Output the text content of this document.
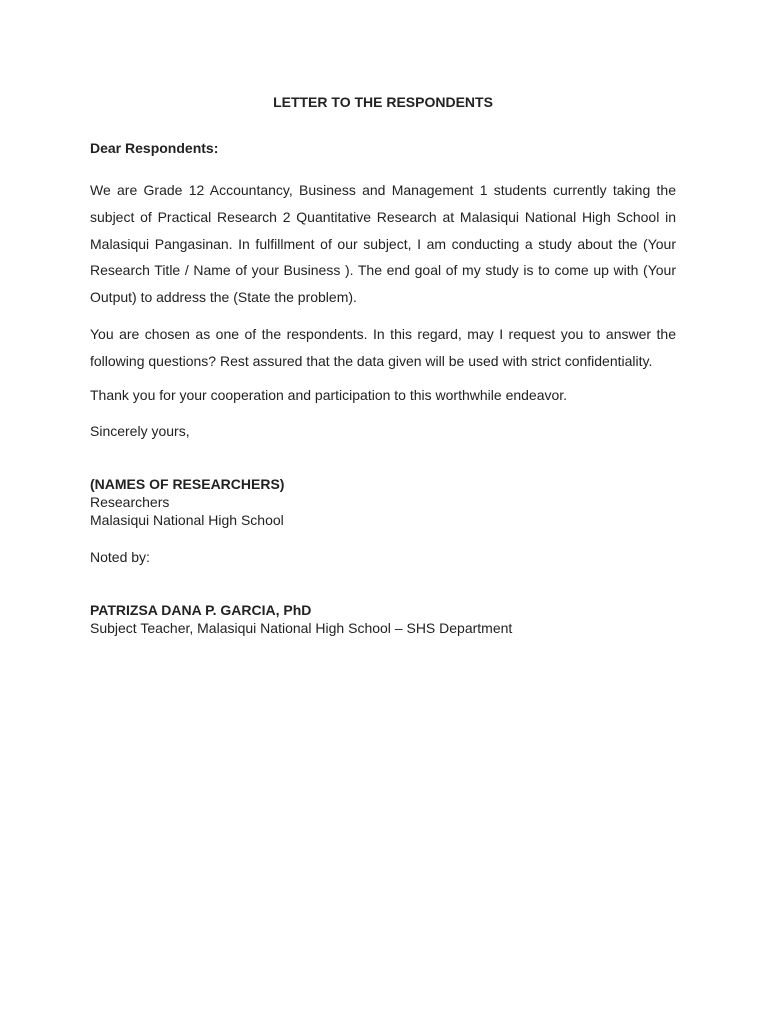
LETTER TO THE RESPONDENTS
Dear Respondents:

We are Grade 12 Accountancy, Business and Management 1 students currently taking the subject of Practical Research 2 Quantitative Research at Malasiqui National High School in Malasiqui Pangasinan. In fulfillment of our subject, I am conducting a study about the (Your Research Title / Name of your Business ). The end goal of my study is to come up with (Your Output) to address the (State the problem).

You are chosen as one of the respondents. In this regard, may I request you to answer the following questions? Rest assured that the data given will be used with strict confidentiality.

Thank you for your cooperation and participation to this worthwhile endeavor.

Sincerely yours,
(NAMES OF RESEARCHERS)
Researchers
Malasiqui National High School
Noted by:
PATRIZSA DANA P. GARCIA, PhD
Subject Teacher, Malasiqui National High School – SHS Department
